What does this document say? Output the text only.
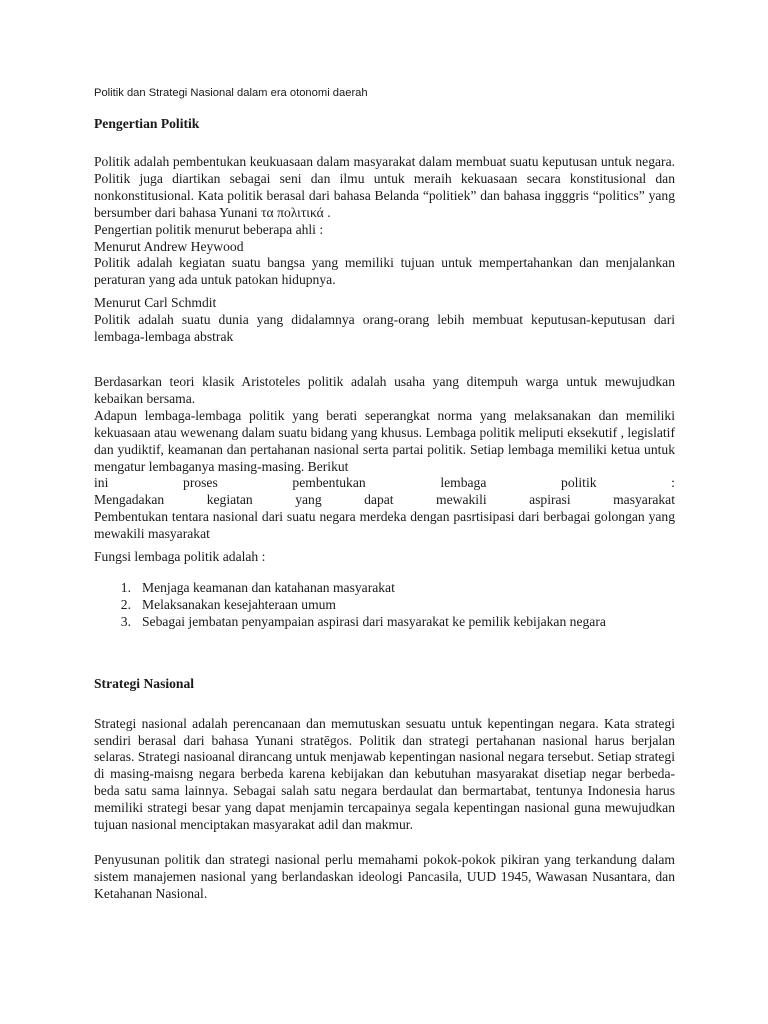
Politik dan Strategi Nasional dalam era otonomi daerah
Pengertian Politik

Politik adalah pembentukan keukuasaan dalam masyarakat dalam membuat suatu keputusan untuk negara. Politik juga diartikan sebagai seni dan ilmu untuk meraih kekuasaan secara konstitusional dan nonkonstitusional. Kata politik berasal dari bahasa Belanda “politiek” dan bahasa ingggris “politics” yang bersumber dari bahasa Yunani τα πολιτικά .

Pengertian politik menurut beberapa ahli :

Menurut Andrew Heywood

Politik adalah kegiatan suatu bangsa yang memiliki tujuan untuk mempertahankan dan menjalankan peraturan yang ada untuk patokan hidupnya.

Menurut Carl Schmdit

Politik adalah suatu dunia yang didalamnya orang-orang lebih membuat keputusan-keputusan dari lembaga-lembaga abstrak

Berdasarkan teori klasik Aristoteles politik adalah usaha yang ditempuh warga untuk mewujudkan kebaikan bersama.

Adapun lembaga-lembaga politik yang berati seperangkat norma yang melaksanakan dan memiliki kekuasaan atau wewenang dalam suatu bidang yang khusus. Lembaga politik meliputi eksekutif , legislatif dan yudiktif, keamanan dan pertahanan nasional serta partai politik. Setiap lembaga memiliki ketua untuk mengatur lembaganya masing-masing. Berikut

ini	proses	pembentukan	lembaga	politik	:
Mengadakan	kegiatan	yang	dapat	mewakili	aspirasi	masyarakat

Pembentukan tentara nasional dari suatu negara merdeka dengan pasrtisipasi dari berbagai golongan yang mewakili masyarakat

Fungsi lembaga politik adalah :

1. Menjaga keamanan dan katahanan masyarakat
2. Melaksanakan kesejahteraan umum
3. Sebagai jembatan penyampaian aspirasi dari masyarakat ke pemilik kebijakan negara
Strategi Nasional

Strategi nasional adalah perencanaan dan memutuskan sesuatu untuk kepentingan negara. Kata strategi sendiri berasal dari bahasa Yunani stratēgos. Politik dan strategi pertahanan nasional harus berjalan selaras. Strategi nasioanal dirancang untuk menjawab kepentingan nasional negara tersebut. Setiap strategi di masing-maisng negara berbeda karena kebijakan dan kebutuhan masyarakat disetiap negar berbeda-beda satu sama lainnya. Sebagai salah satu negara berdaulat dan bermartabat, tentunya Indonesia harus memiliki strategi besar yang dapat menjamin tercapainya segala kepentingan nasional guna mewujudkan tujuan nasional menciptakan masyarakat adil dan makmur.

Penyusunan politik dan strategi nasional perlu memahami pokok-pokok pikiran yang terkandung dalam sistem manajemen nasional yang berlandaskan ideologi Pancasila, UUD 1945, Wawasan Nusantara, dan Ketahanan Nasional.
